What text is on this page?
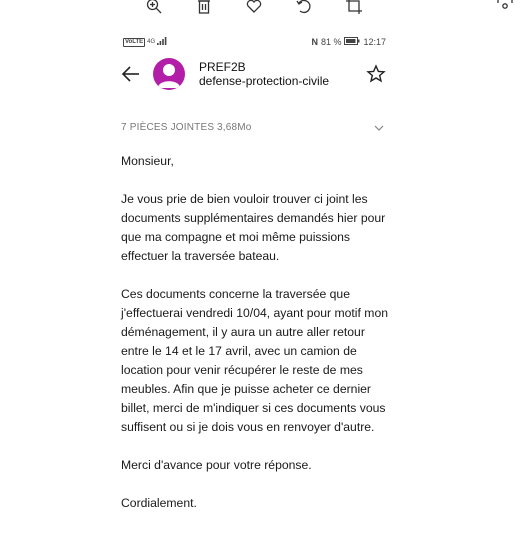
VoLTE 4G	N 81 % 12:17
PREF2B
defense-protection-civile
7 PIÈCES JOINTES 3,68Mo

Monsieur,

Je vous prie de bien vouloir trouver ci joint les documents supplémentaires demandés hier pour que ma compagne et moi même puissions effectuer la traversée bateau.

Ces documents concerne la traversée que j'effectuerai vendredi 10/04, ayant pour motif mon déménagement, il y aura un autre aller retour entre le 14 et le 17 avril, avec un camion de location pour venir récupérer le reste de mes meubles. Afin que je puisse acheter ce dernier billet, merci de m'indiquer si ces documents vous suffisent ou si je dois vous en renvoyer d'autre.

Merci d'avance pour votre réponse.

Cordialement.
